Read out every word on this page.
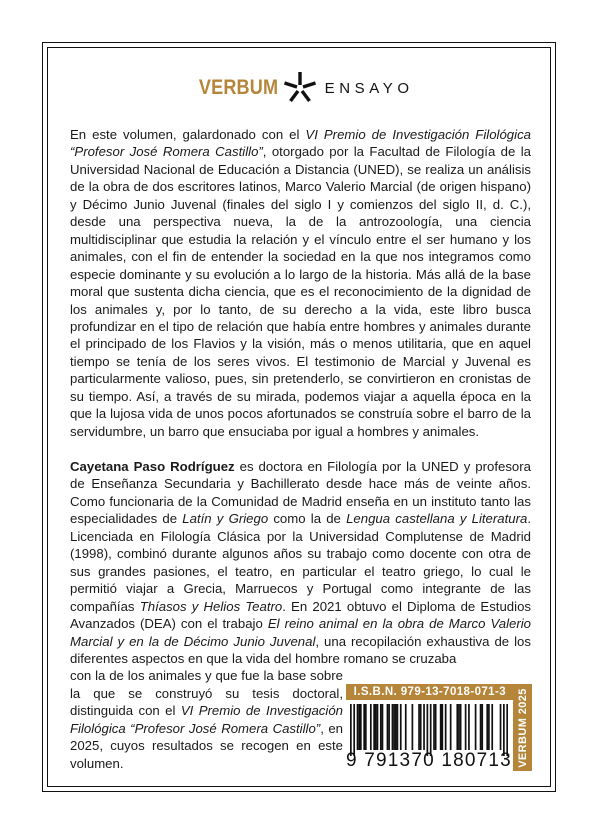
VERBUM	ENSAYO
En este volumen, galardonado con el VI Premio de Investigación Filológica “Profesor José Romera Castillo”, otorgado por la Facultad de Filología de la Universidad Nacional de Educación a Distancia (UNED), se realiza un análisis de la obra de dos escritores latinos, Marco Valerio Marcial (de origen hispano) y Décimo Junio Juvenal (finales del siglo I y comienzos del siglo II, d. C.), desde una perspectiva nueva, la de la antrozoología, una ciencia multidisciplinar que estudia la relación y el vínculo entre el ser humano y los animales, con el fin de entender la sociedad en la que nos integramos como especie dominante y su evolución a lo largo de la historia. Más allá de la base moral que sustenta dicha ciencia, que es el reconocimiento de la dignidad de los animales y, por lo tanto, de su derecho a la vida, este libro busca profundizar en el tipo de relación que había entre hombres y animales durante el principado de los Flavios y la visión, más o menos utilitaria, que en aquel tiempo se tenía de los seres vivos. El testimonio de Marcial y Juvenal es particularmente valioso, pues, sin pretenderlo, se convirtieron en cronistas de su tiempo. Así, a través de su mirada, podemos viajar a aquella época en la que la lujosa vida de unos pocos afortunados se construía sobre el barro de la servidumbre, un barro que ensuciaba por igual a hombres y animales.
Cayetana Paso Rodríguez es doctora en Filología por la UNED y profesora de Enseñanza Secundaria y Bachillerato desde hace más de veinte años. Como funcionaria de la Comunidad de Madrid enseña en un instituto tanto las especialidades de Latín y Griego como la de Lengua castellana y Literatura. Licenciada en Filología Clásica por la Universidad Complutense de Madrid (1998), combinó durante algunos años su trabajo como docente con otra de sus grandes pasiones, el teatro, en particular el teatro griego, lo cual le permitió viajar a Grecia, Marruecos y Portugal como integrante de las compañías Thíasos y Helios Teatro. En 2021 obtuvo el Diploma de Estudios Avanzados (DEA) con el trabajo El reino animal en la obra de Marco Valerio Marcial y en la de Décimo Junio Juvenal, una recopilación exhaustiva de los diferentes aspectos en que la vida del hombre romano se cruzaba
con la de los animales y que fue la base sobre la que se construyó su tesis doctoral, distinguida con el VI Premio de Investigación Filológica “Profesor José Romera Castillo”, en 2025, cuyos resultados se recogen en este volumen.
I.S.B.N. 979-13-7018-071-3 VERBUM 2025
9 791370 180713
